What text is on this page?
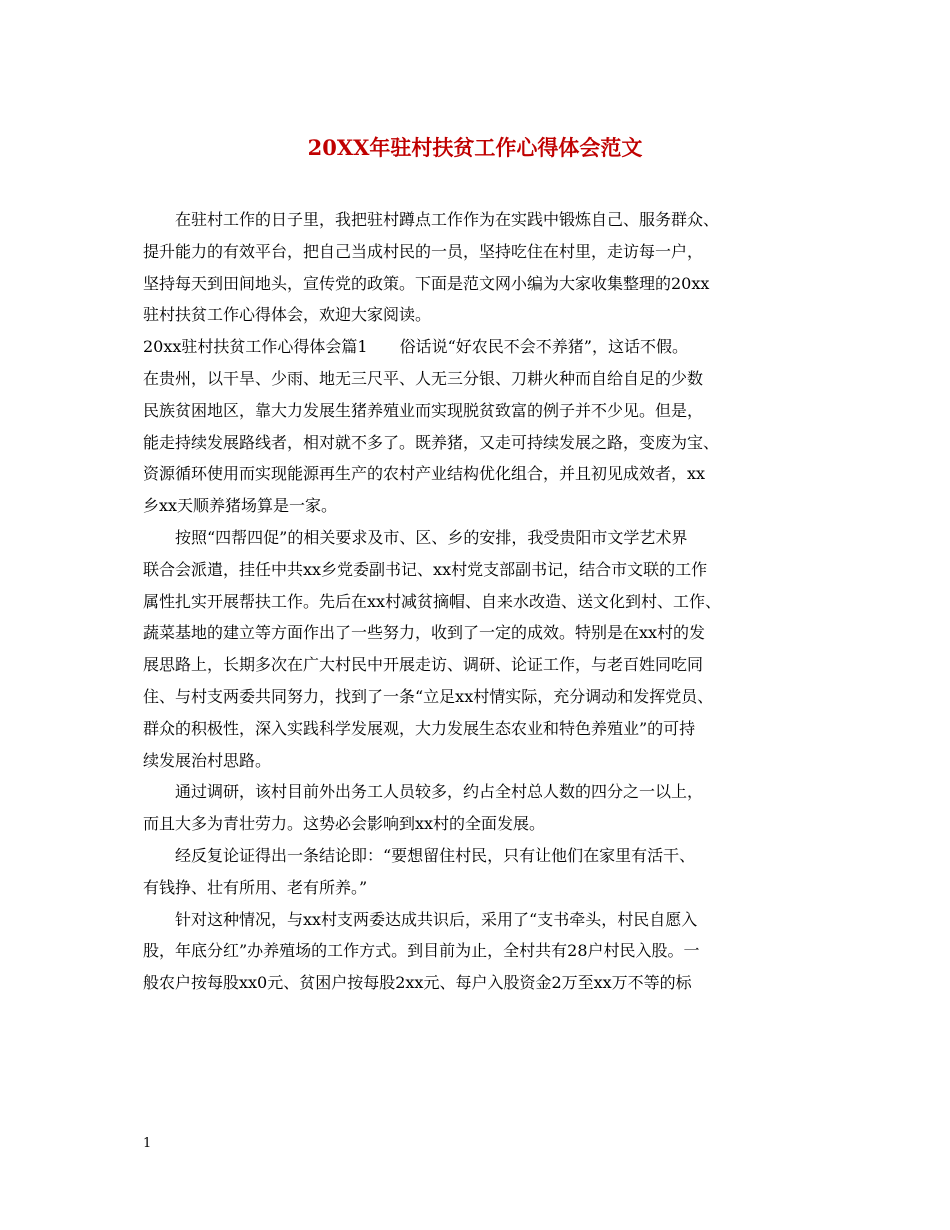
20XX年驻村扶贫工作心得体会范文
在驻村工作的日子里，我把驻村蹲点工作作为在实践中锻炼自己、服务群众、
提升能力的有效平台，把自己当成村民的一员，坚持吃住在村里，走访每一户，
坚持每天到田间地头，宣传党的政策。下面是范文网小编为大家收集整理的20xx
驻村扶贫工作心得体会，欢迎大家阅读。
20xx驻村扶贫工作心得体会篇1　　俗话说“好农民不会不养猪”，这话不假。
在贵州，以干旱、少雨、地无三尺平、人无三分银、刀耕火种而自给自足的少数
民族贫困地区，靠大力发展生猪养殖业而实现脱贫致富的例子并不少见。但是，
能走持续发展路线者，相对就不多了。既养猪，又走可持续发展之路，变废为宝、
资源循环使用而实现能源再生产的农村产业结构优化组合，并且初见成效者，xx
乡xx天顺养猪场算是一家。
按照“四帮四促”的相关要求及市、区、乡的安排，我受贵阳市文学艺术界
联合会派遣，挂任中共xx乡党委副书记、xx村党支部副书记，结合市文联的工作
属性扎实开展帮扶工作。先后在xx村减贫摘帽、自来水改造、送文化到村、工作、
蔬菜基地的建立等方面作出了一些努力，收到了一定的成效。特别是在xx村的发
展思路上，长期多次在广大村民中开展走访、调研、论证工作，与老百姓同吃同
住、与村支两委共同努力，找到了一条“立足xx村情实际，充分调动和发挥党员、
群众的积极性，深入实践科学发展观，大力发展生态农业和特色养殖业”的可持
续发展治村思路。
通过调研，该村目前外出务工人员较多，约占全村总人数的四分之一以上，
而且大多为青壮劳力。这势必会影响到xx村的全面发展。
经反复论证得出一条结论即：“要想留住村民，只有让他们在家里有活干、
有钱挣、壮有所用、老有所养。”
针对这种情况，与xx村支两委达成共识后，采用了“支书牵头，村民自愿入
股，年底分红”办养殖场的工作方式。到目前为止，全村共有28户村民入股。一
般农户按每股xx0元、贫困户按每股2xx元、每户入股资金2万至xx万不等的标
1
